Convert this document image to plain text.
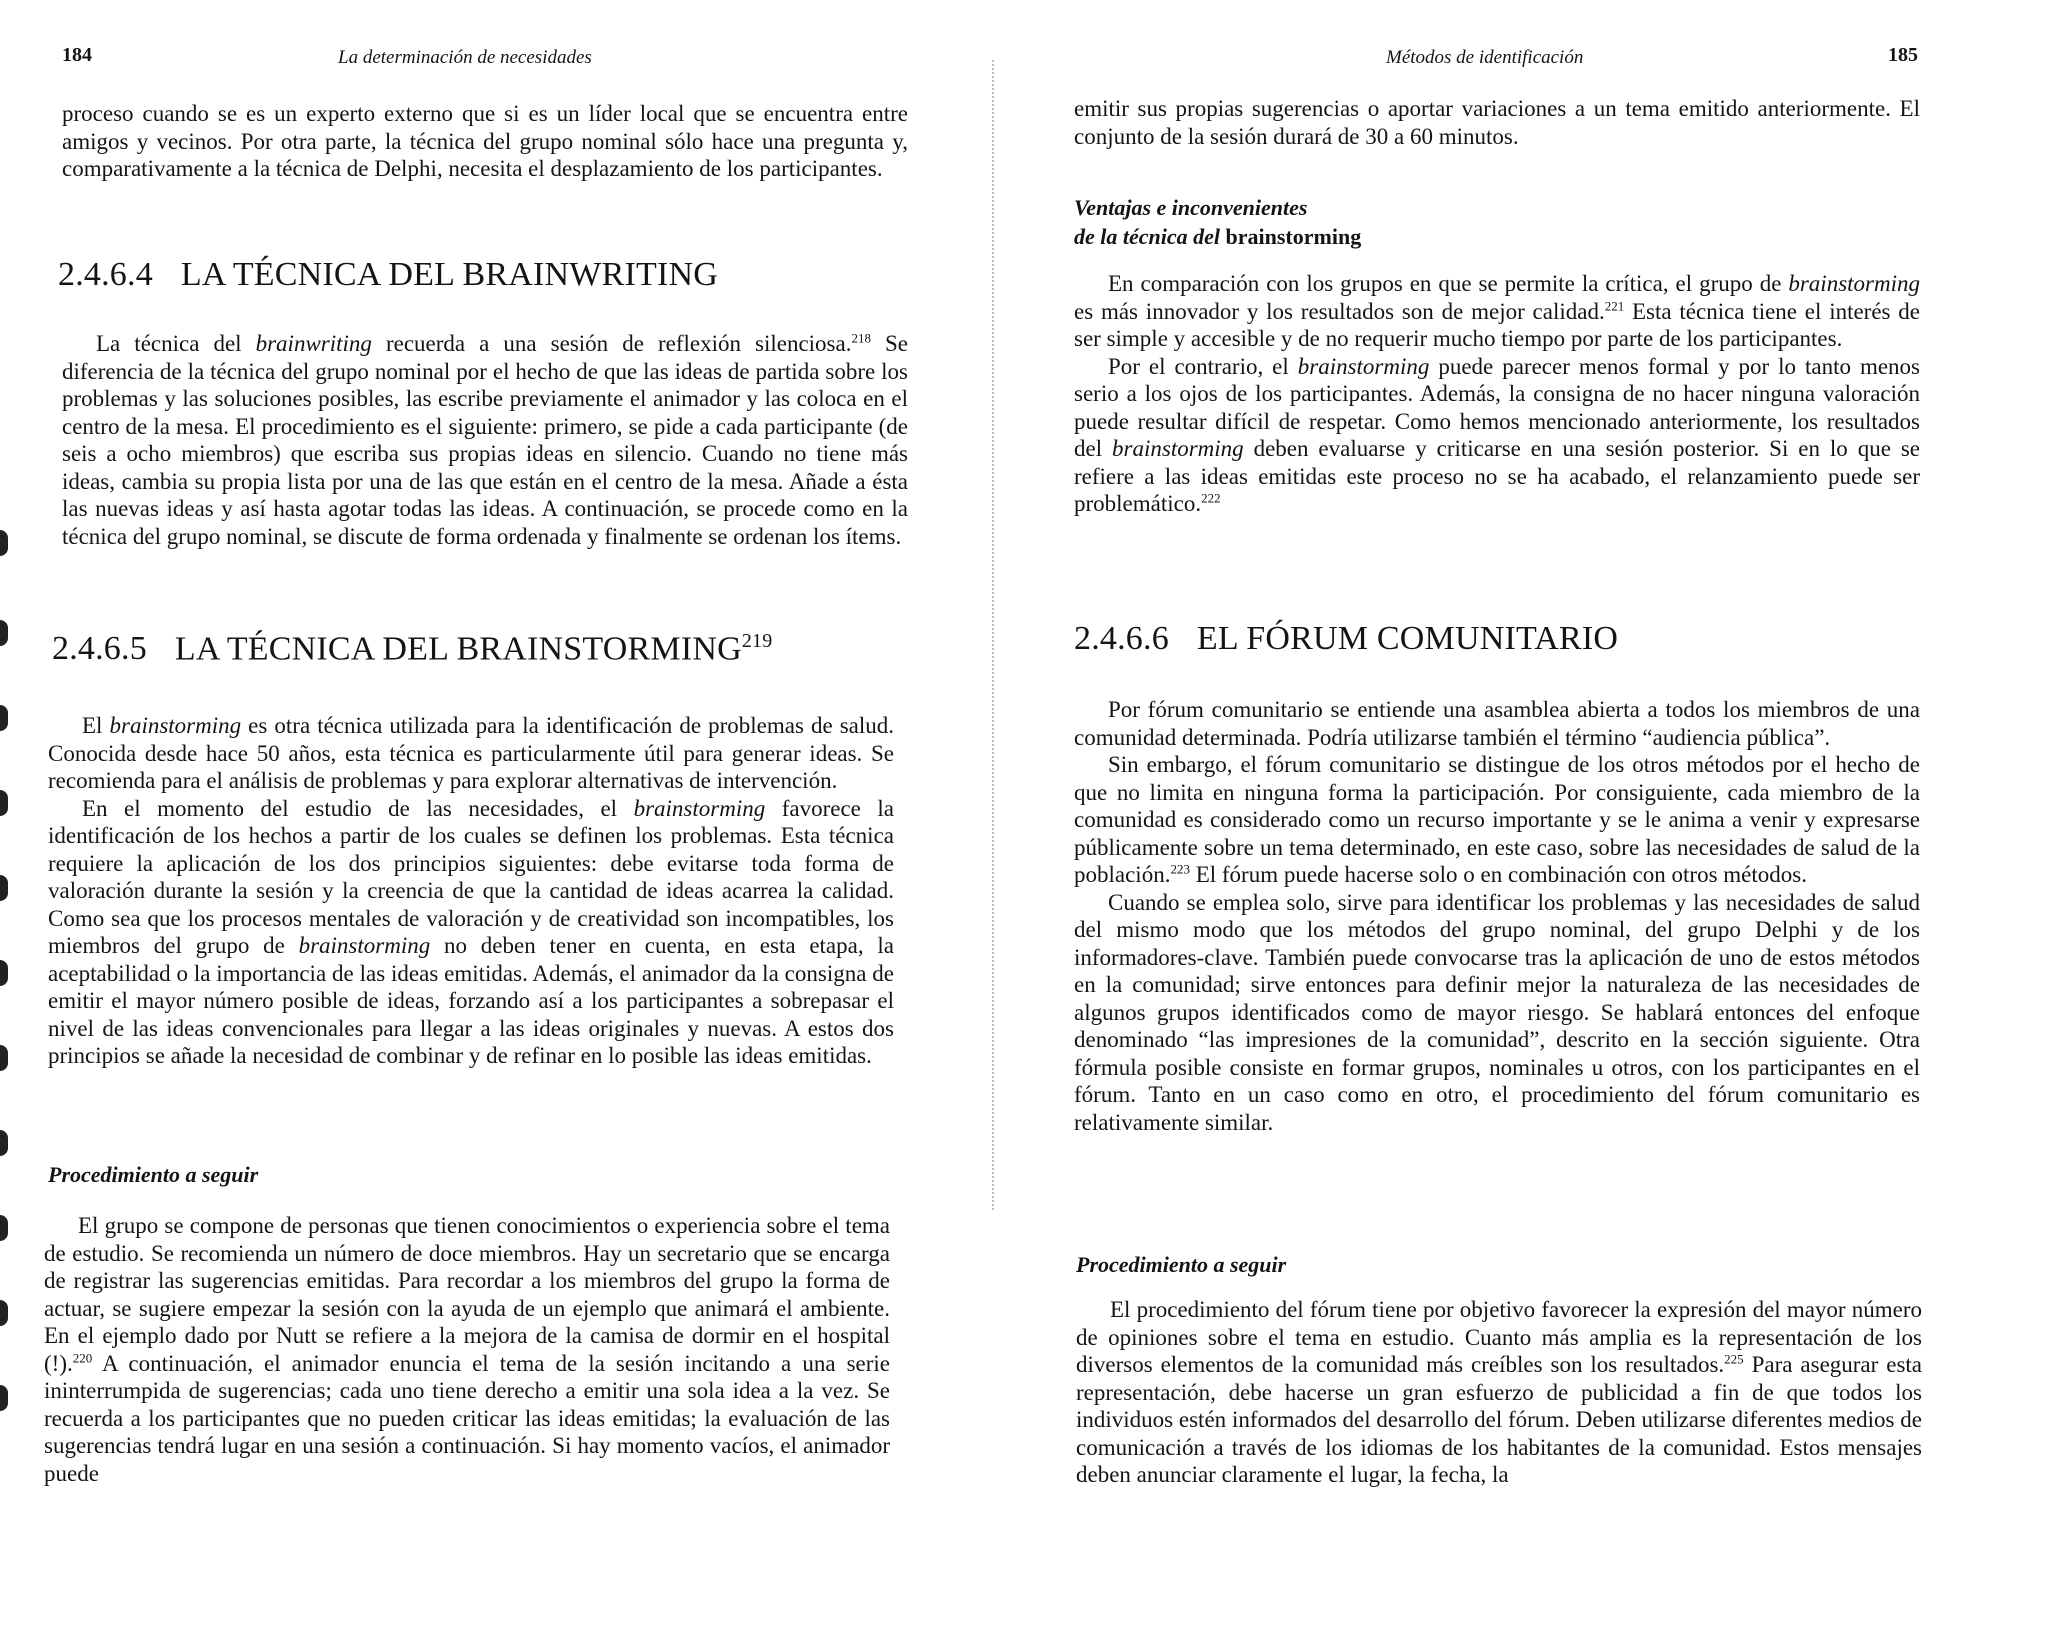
184	La determinación de necesidades

proceso cuando se es un experto externo que si es un líder local que se encuentra entre amigos y vecinos. Por otra parte, la técnica del grupo nominal sólo hace una pregunta y, comparativamente a la técnica de Delphi, necesita el desplazamiento de los participantes.

2.4.6.4 LA TÉCNICA DEL BRAINWRITING

La técnica del brainwriting recuerda a una sesión de reflexión silenciosa.$^{218}$ Se diferencia de la técnica del grupo nominal por el hecho de que las ideas de partida sobre los problemas y las soluciones posibles, las escribe previamente el animador y las coloca en el centro de la mesa. El procedimiento es el siguiente: primero, se pide a cada participante (de seis a ocho miembros) que escriba sus propias ideas en silencio. Cuando no tiene más ideas, cambia su propia lista por una de las que están en el centro de la mesa. Añade a ésta las nuevas ideas y así hasta agotar todas las ideas. A continuación, se procede como en la técnica del grupo nominal, se discute de forma ordenada y finalmente se ordenan los ítems.

2.4.6.5 LA TÉCNICA DEL BRAINSTORMING$^{219}$

El brainstorming es otra técnica utilizada para la identificación de problemas de salud. Conocida desde hace 50 años, esta técnica es particularmente útil para generar ideas. Se recomienda para el análisis de problemas y para explorar alternativas de intervención.

En el momento del estudio de las necesidades, el brainstorming favorece la identificación de los hechos a partir de los cuales se definen los problemas. Esta técnica requiere la aplicación de los dos principios siguientes: debe evitarse toda forma de valoración durante la sesión y la creencia de que la cantidad de ideas acarrea la calidad. Como sea que los procesos mentales de valoración y de creatividad son incompatibles, los miembros del grupo de brainstorming no deben tener en cuenta, en esta etapa, la aceptabilidad o la importancia de las ideas emitidas. Además, el animador da la consigna de emitir el mayor número posible de ideas, forzando así a los participantes a sobrepasar el nivel de las ideas convencionales para llegar a las ideas originales y nuevas. A estos dos principios se añade la necesidad de combinar y de refinar en lo posible las ideas emitidas.

Procedimiento a seguir

El grupo se compone de personas que tienen conocimientos o experiencia sobre el tema de estudio. Se recomienda un número de doce miembros. Hay un secretario que se encarga de registrar las sugerencias emitidas. Para recordar a los miembros del grupo la forma de actuar, se sugiere empezar la sesión con la ayuda de un ejemplo que animará el ambiente. En el ejemplo dado por Nutt se refiere a la mejora de la camisa de dormir en el hospital (!).$^{220}$ A continuación, el animador enuncia el tema de la sesión incitando a una serie ininterrumpida de sugerencias; cada uno tiene derecho a emitir una sola idea a la vez. Se recuerda a los participantes que no pueden criticar las ideas emitidas; la evaluación de las sugerencias tendrá lugar en una sesión a continuación. Si hay momento vacíos, el animador puede

Métodos de identificación	185

emitir sus propias sugerencias o aportar variaciones a un tema emitido anteriormente. El conjunto de la sesión durará de 30 a 60 minutos.

Ventajas e inconvenientes
de la técnica del brainstorming

En comparación con los grupos en que se permite la crítica, el grupo de brainstorming es más innovador y los resultados son de mejor calidad.$^{221}$ Esta técnica tiene el interés de ser simple y accesible y de no requerir mucho tiempo por parte de los participantes.

Por el contrario, el brainstorming puede parecer menos formal y por lo tanto menos serio a los ojos de los participantes. Además, la consigna de no hacer ninguna valoración puede resultar difícil de respetar. Como hemos mencionado anteriormente, los resultados del brainstorming deben evaluarse y criticarse en una sesión posterior. Si en lo que se refiere a las ideas emitidas este proceso no se ha acabado, el relanzamiento puede ser problemático.$^{222}$

2.4.6.6 EL FÓRUM COMUNITARIO

Por fórum comunitario se entiende una asamblea abierta a todos los miembros de una comunidad determinada. Podría utilizarse también el término “audiencia pública”.

Sin embargo, el fórum comunitario se distingue de los otros métodos por el hecho de que no limita en ninguna forma la participación. Por consiguiente, cada miembro de la comunidad es considerado como un recurso importante y se le anima a venir y expresarse públicamente sobre un tema determinado, en este caso, sobre las necesidades de salud de la población.$^{223}$ El fórum puede hacerse solo o en combinación con otros métodos.

Cuando se emplea solo, sirve para identificar los problemas y las necesidades de salud del mismo modo que los métodos del grupo nominal, del grupo Delphi y de los informadores-clave. También puede convocarse tras la aplicación de uno de estos métodos en la comunidad; sirve entonces para definir mejor la naturaleza de las necesidades de algunos grupos identificados como de mayor riesgo. Se hablará entonces del enfoque denominado “las impresiones de la comunidad”, descrito en la sección siguiente. Otra fórmula posible consiste en formar grupos, nominales u otros, con los participantes en el fórum. Tanto en un caso como en otro, el procedimiento del fórum comunitario es relativamente similar.

Procedimiento a seguir

El procedimiento del fórum tiene por objetivo favorecer la expresión del mayor número de opiniones sobre el tema en estudio. Cuanto más amplia es la representación de los diversos elementos de la comunidad más creíbles son los resultados.$^{225}$ Para asegurar esta representación, debe hacerse un gran esfuerzo de publicidad a fin de que todos los individuos estén informados del desarrollo del fórum. Deben utilizarse diferentes medios de comunicación a través de los idiomas de los habitantes de la comunidad. Estos mensajes deben anunciar claramente el lugar, la fecha, la
